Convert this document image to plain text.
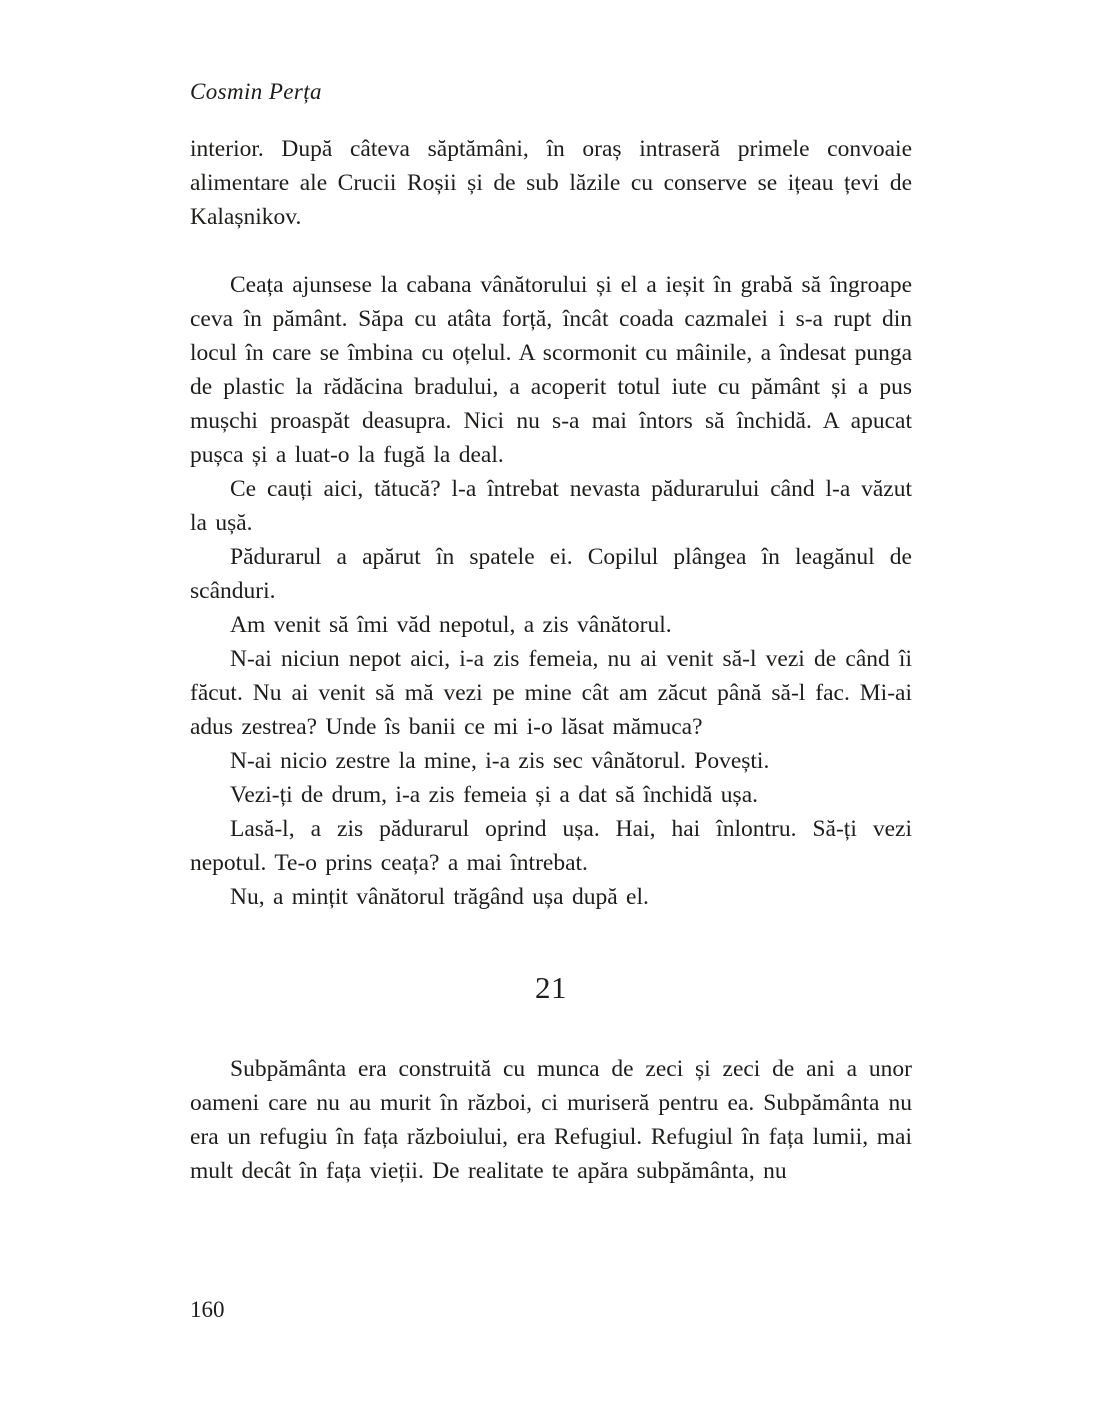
Cosmin Perța

interior. După câteva săptămâni, în oraș intraseră primele convoaie alimentare ale Crucii Roșii și de sub lăzile cu conserve se ițeau țevi de Kalașnikov.

Ceața ajunsese la cabana vânătorului și el a ieșit în grabă să îngroape ceva în pământ. Săpa cu atâta forță, încât coada cazmalei i s-a rupt din locul în care se îmbina cu oțelul. A scormonit cu mâinile, a îndesat punga de plastic la rădăcina bradului, a acoperit totul iute cu pământ și a pus mușchi proaspăt deasupra. Nici nu s-a mai întors să închidă. A apucat pușca și a luat-o la fugă la deal.

Ce cauți aici, tătucă? l-a întrebat nevasta pădurarului când l-a văzut la ușă.

Pădurarul a apărut în spatele ei. Copilul plângea în leagănul de scânduri.

Am venit să îmi văd nepotul, a zis vânătorul.

N-ai niciun nepot aici, i-a zis femeia, nu ai venit să-l vezi de când îi făcut. Nu ai venit să mă vezi pe mine cât am zăcut până să-l fac. Mi-ai adus zestrea? Unde îs banii ce mi i-o lăsat mămuca?

N-ai nicio zestre la mine, i-a zis sec vânătorul. Povești.

Vezi-ți de drum, i-a zis femeia și a dat să închidă ușa.

Lasă-l, a zis pădurarul oprind ușa. Hai, hai înlontru. Să-ți vezi nepotul. Te-o prins ceața? a mai întrebat.

Nu, a mințit vânătorul trăgând ușa după el.

21

Subpământa era construită cu munca de zeci și zeci de ani a unor oameni care nu au murit în război, ci muriseră pentru ea. Subpământa nu era un refugiu în fața războiului, era Refugiul. Refugiul în fața lumii, mai mult decât în fața vieții. De realitate te apăra subpământa, nu

160
